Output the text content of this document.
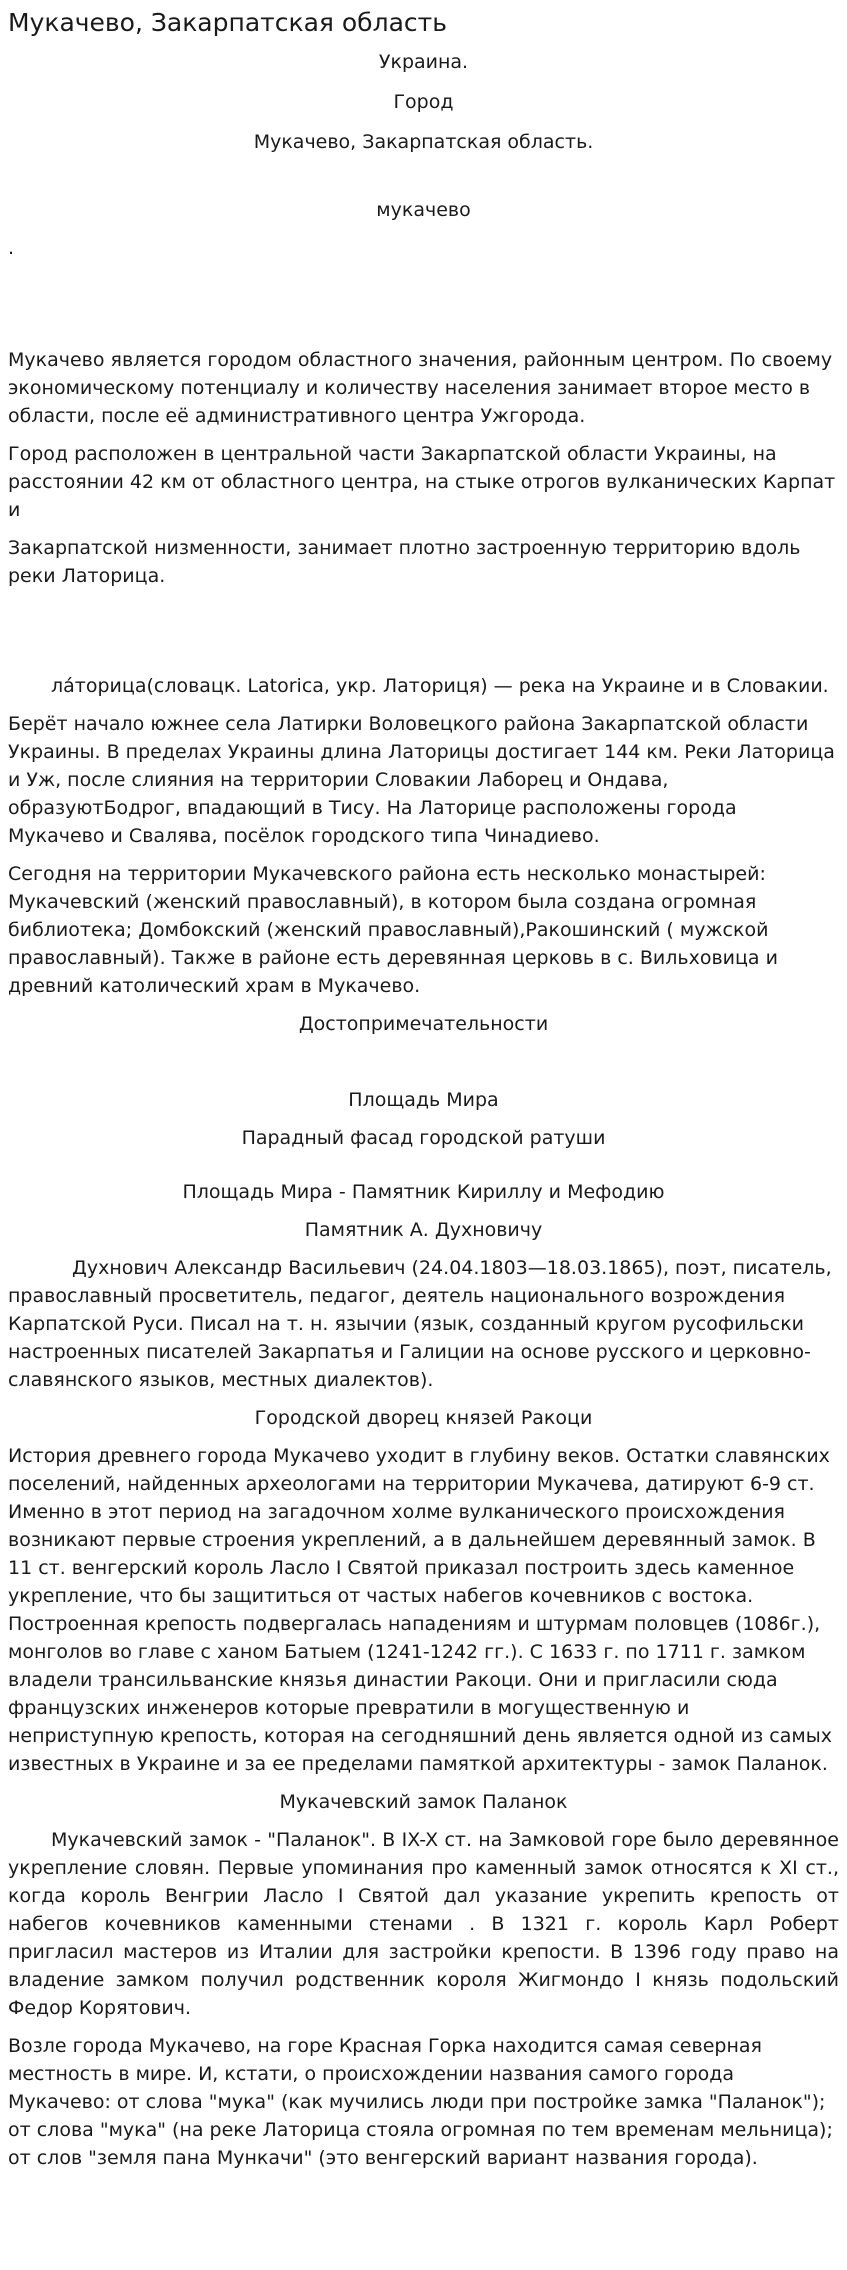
Мукачево, Закарпатская область

Украина.

Город

Мукачево, Закарпатская область.

мукачево

.

Мукачево является городом областного значения, районным центром. По своему экономическому потенциалу и количеству населения занимает второе место в области, после её административного центра Ужгорода.

Город расположен в центральной части Закарпатской области Украины, на расстоянии 42 км от областного центра, на стыке отрогов вулканических Карпат и

Закарпатской низменности, занимает плотно застроенную территорию вдоль реки Латорица.

лáторица(словацк. Latorica, укр. Латориця) — река на Украине и в Словакии.

Берёт начало южнее села Латирки Воловецкого района Закарпатской области Украины. В пределах Украины длина Латорицы достигает 144 км. Реки Латорица и Уж, после слияния на территории Словакии Лаборец и Ондава, образуютБодрог, впадающий в Тису. На Латорице расположены города Мукачево и Свалява, посёлок городского типа Чинадиево.

Сегодня на территории Мукачевского района есть несколько монастырей: Мукачевский (женский православный), в котором была создана огромная библиотека; Домбокский (женский православный),Ракошинский ( мужской православный). Также в районе есть деревянная церковь в с. Вильховица и древний католический храм в Мукачево.

Достопримечательности

Площадь Мира

Парадный фасад городской ратуши

Площадь Мира - Памятник Кириллу и Мефодию

Памятник А. Духновичу

Духнович Александр Васильевич (24.04.1803—18.03.1865), поэт, писатель, православный просветитель, педагог, деятель национального возрождения Карпатской Руси. Писал на т. н. язычии (язык, созданный кругом русофильски настроенных писателей Закарпатья и Галиции на основе русского и церковно-славянского языков, местных диалектов).

Городской дворец князей Ракоци

История древнего города Мукачево уходит в глубину веков. Остатки славянских поселений, найденных археологами на территории Мукачева, датируют 6-9 ст. Именно в этот период на загадочном холме вулканического происхождения возникают первые строения укреплений, а в дальнейшем деревянный замок. В 11 ст. венгерский король Ласло I Святой приказал построить здесь каменное укрепление, что бы защититься от частых набегов кочевников с востока. Построенная крепость подвергалась нападениям и штурмам половцев (1086г.), монголов во главе с ханом Батыем (1241-1242 гг.). С 1633 г. по 1711 г. замком владели трансильванские князья династии Ракоци. Они и пригласили сюда французских инженеров которые превратили в могущественную и неприступную крепость, которая на сегодняшний день является одной из самых известных в Украине и за ее пределами памяткой архитектуры - замок Паланок.

Мукачевский замок Паланок

Мукачевский замок - "Паланок". В IX-X ст. на Замковой горе было деревянное укрепление словян. Первые упоминания про каменный замок относятся к XI ст., когда король Венгрии Ласло I Святой дал указание укрепить крепость от набегов кочевников каменными стенами . В 1321 г. король Карл Роберт пригласил мастеров из Италии для застройки крепости. В 1396 году право на владение замком получил родственник короля Жигмондо I князь подольский Федор Корятович.

Возле города Мукачево, на горе Красная Горка находится самая северная местность в мире. И, кстати, о происхождении названия самого города Мукачево: от слова "мука" (как мучились люди при постройке замка "Паланок"); от слова "мука" (на реке Латорица стояла огромная по тем временам мельница); от слов "земля пана Мункачи" (это венгерский вариант названия города).
